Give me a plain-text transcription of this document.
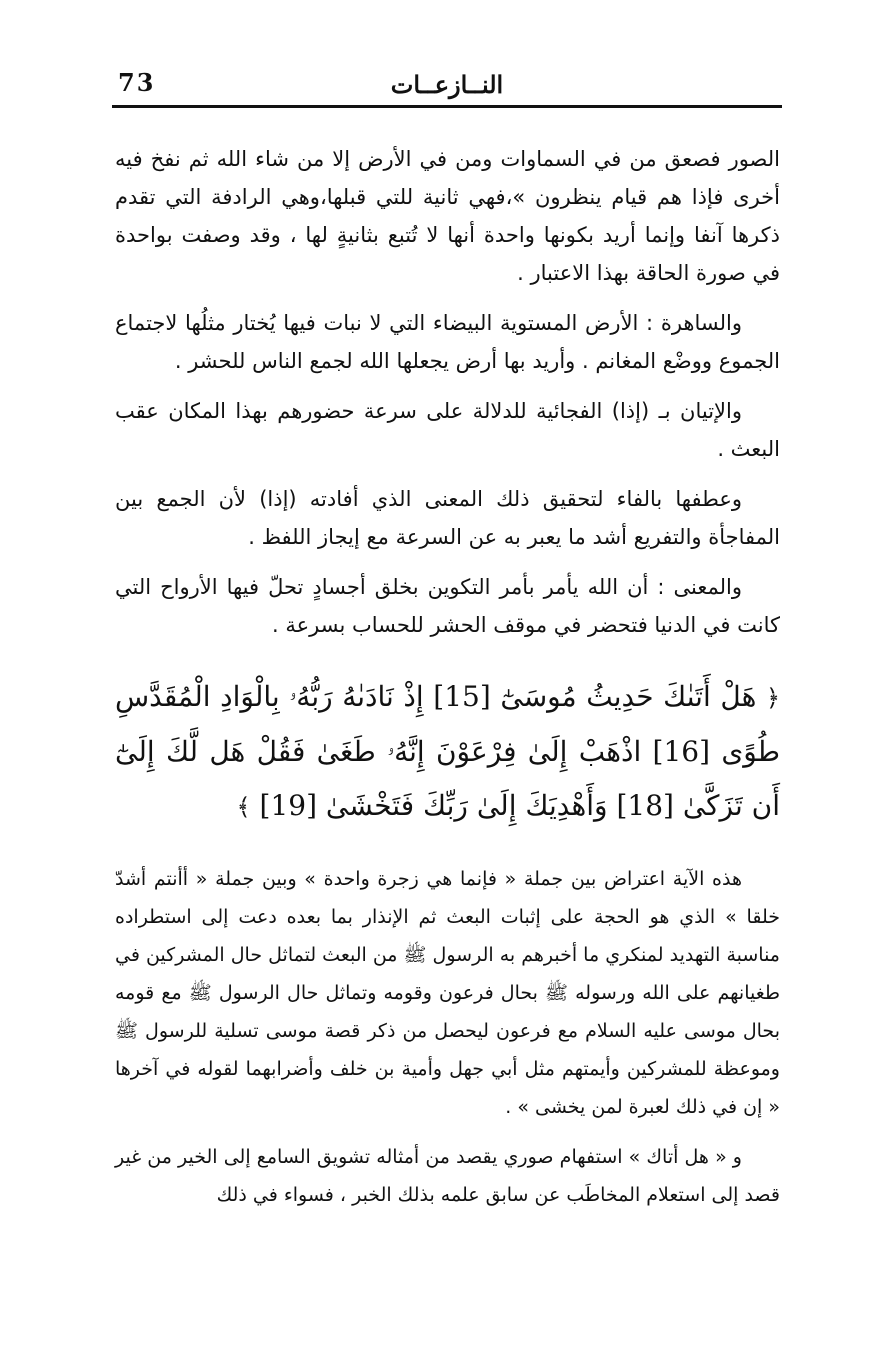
73	النــازعــات

الصور فصعق من في السماوات ومن في الأرض إلا من شاء الله ثم نفخ فيه أخرى فإذا هم قيام ينظرون »،فهي ثانية للتي قبلها،وهي الرادفة التي تقدم ذكرها آنفا وإنما أريد بكونها واحدة أنها لا تُتبع بثانيةٍ لها ، وقد وصفت بواحدة في صورة الحاقة بهذا الاعتبار .

والساهرة : الأرض المستوية البيضاء التي لا نبات فيها يُختار مثلُها لاجتماع الجموع ووضْع المغانم . وأريد بها أرض يجعلها الله لجمع الناس للحشر .

والإتيان بـ (إذا) الفجائية للدلالة على سرعة حضورهم بهذا المكان عقب البعث .

وعطفها بالفاء لتحقيق ذلك المعنى الذي أفادته (إذا) لأن الجمع بين المفاجأة والتفريع أشد ما يعبر به عن السرعة مع إيجاز اللفظ .

والمعنى : أن الله يأمر بأمر التكوين بخلق أجسادٍ تحلّ فيها الأرواح التي كانت في الدنيا فتحضر في موقف الحشر للحساب بسرعة .

﴿ هَلْ أَتَىٰكَ حَدِيثُ مُوسَىٰٓ [15] إِذْ نَادَىٰهُ رَبُّهُۥ بِالْوَادِ الْمُقَدَّسِ طُوًى [16] اذْهَبْ إِلَىٰ فِرْعَوْنَ إِنَّهُۥ طَغَىٰ فَقُلْ هَل لَّكَ إِلَىٰٓ أَن تَزَكَّىٰ [18] وَأَهْدِيَكَ إِلَىٰ رَبِّكَ فَتَخْشَىٰ [19] ﴾

هذه الآية اعتراض بين جملة « فإنما هي زجرة واحدة » وبين جملة « أأنتم أشدّ خلقا » الذي هو الحجة على إثبات البعث ثم الإنذار بما بعده دعت إلى استطراده مناسبة التهديد لمنكري ما أخبرهم به الرسول ﷺ من البعث لتماثل حال المشركين في طغيانهم على الله ورسوله ﷺ بحال فرعون وقومه وتماثل حال الرسول ﷺ مع قومه بحال موسى عليه السلام مع فرعون ليحصل من ذكر قصة موسى تسلية للرسول ﷺ وموعظة للمشركين وأيمتهم مثل أبي جهل وأمية بن خلف وأضرابهما لقوله في آخرها « إن في ذلك لعبرة لمن يخشى » .

و « هل أتاك » استفهام صوري يقصد من أمثاله تشويق السامع إلى الخير من غير قصد إلى استعلام المخاطَب عن سابق علمه بذلك الخبر ، فسواء في ذلك
